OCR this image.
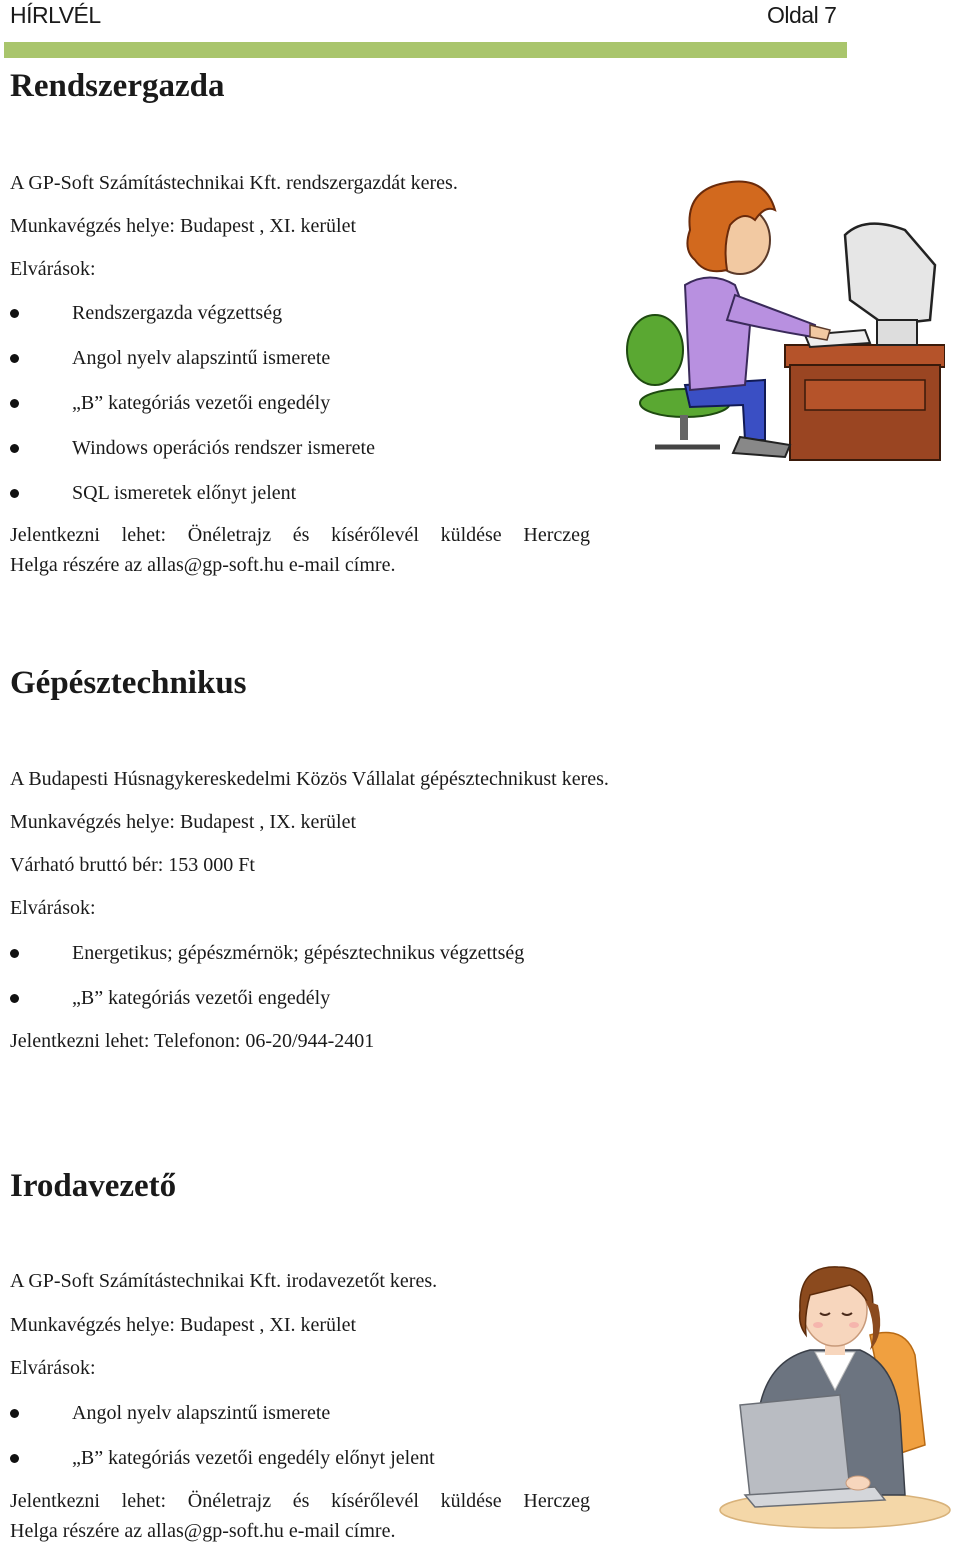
HÍRLVÉL	Oldal 7
Rendszergazda
A GP-Soft Számítástechnikai Kft. rendszergazdát keres.
Munkavégzés helye: Budapest , XI. kerület
Elvárások:
Rendszergazda végzettség
Angol nyelv alapszintű ismerete
„B” kategóriás vezetői engedély
Windows operációs rendszer ismerete
SQL ismeretek előnyt jelent
Jelentkezni lehet: Önéletrajz és kísérőlevél küldése Herczeg
Helga részére az allas@gp-soft.hu e-mail címre.
Gépésztechnikus
A Budapesti Húsnagykereskedelmi Közös Vállalat gépésztechnikust keres.
Munkavégzés helye: Budapest , IX. kerület
Várható bruttó bér: 153 000 Ft
Elvárások:
Energetikus; gépészmérnök; gépésztechnikus végzettség
„B” kategóriás vezetői engedély
Jelentkezni lehet: Telefonon: 06-20/944-2401
Irodavezető
A GP-Soft Számítástechnikai Kft. irodavezetőt keres.
Munkavégzés helye: Budapest , XI. kerület
Elvárások:
Angol nyelv alapszintű ismerete
„B” kategóriás vezetői engedély előnyt jelent
Jelentkezni lehet: Önéletrajz és kísérőlevél küldése Herczeg
Helga részére az allas@gp-soft.hu e-mail címre.
